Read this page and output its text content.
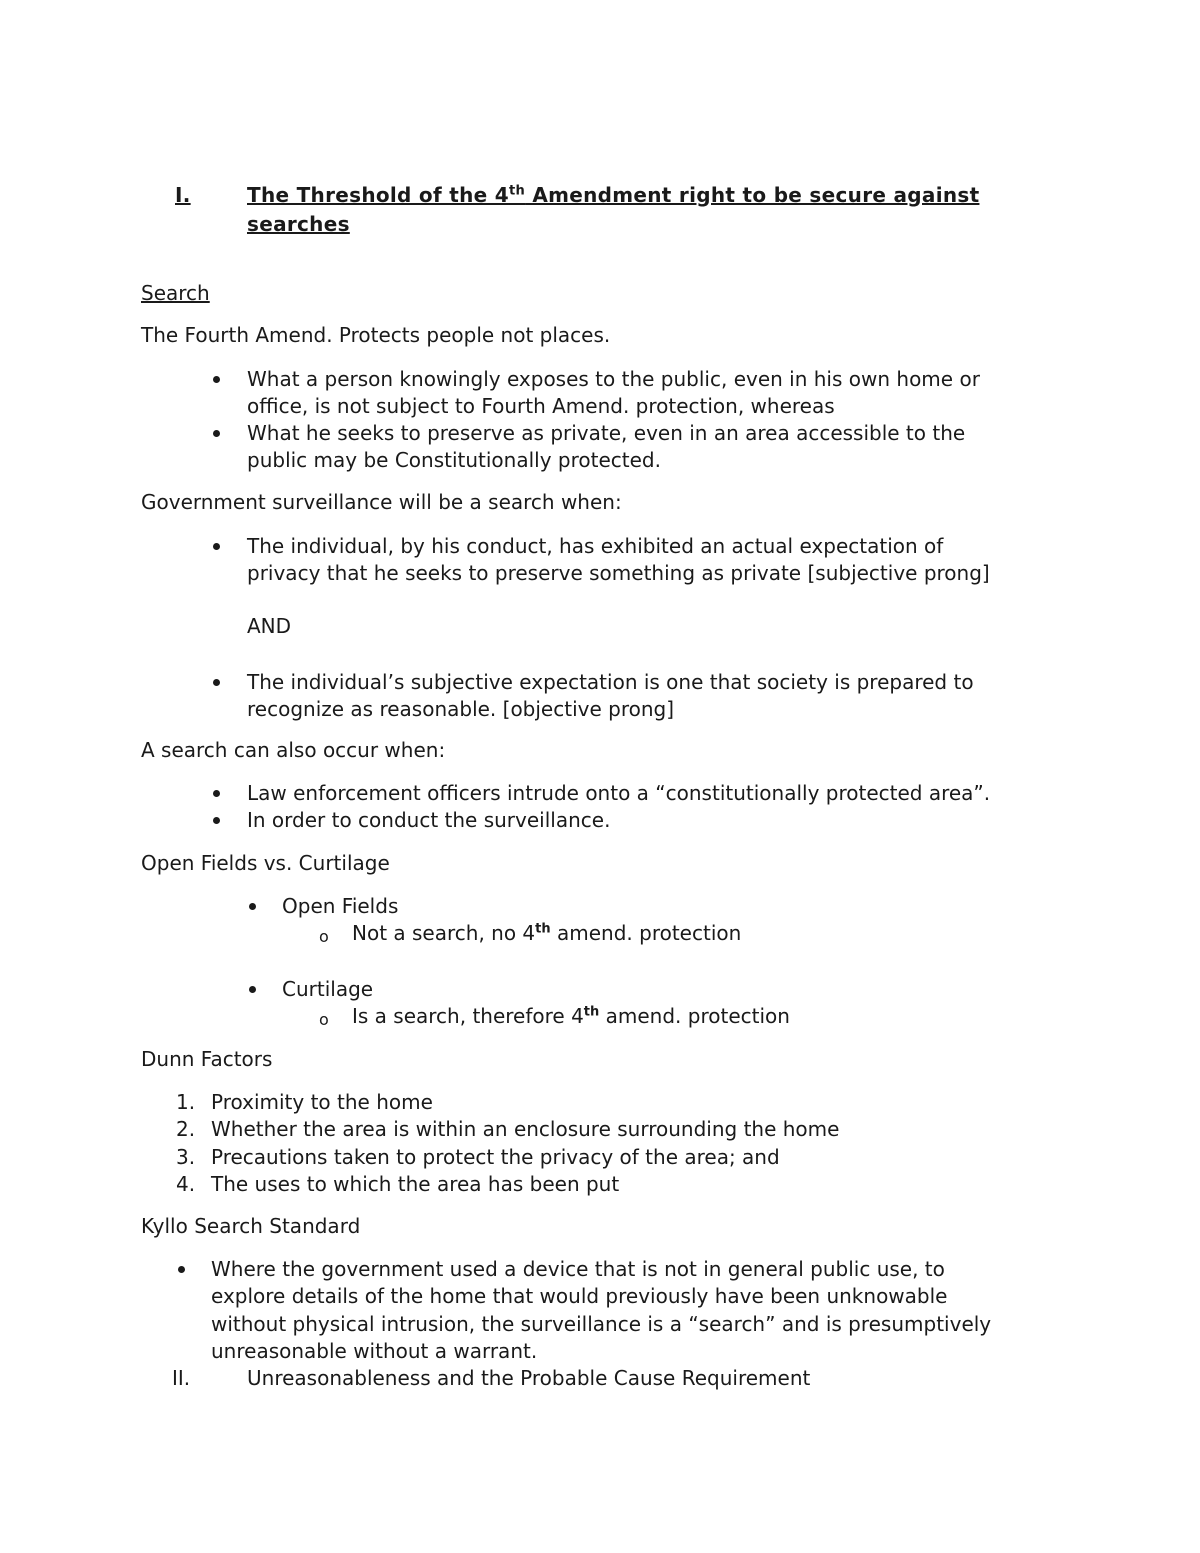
I.	The Threshold of the 4th Amendment right to be secure against
searches
Search
The Fourth Amend. Protects people not places.
What a person knowingly exposes to the public, even in his own home or
office, is not subject to Fourth Amend. protection, whereas
What he seeks to preserve as private, even in an area accessible to the
public may be Constitutionally protected.
Government surveillance will be a search when:
The individual, by his conduct, has exhibited an actual expectation of
privacy that he seeks to preserve something as private [subjective prong]
AND
The individual’s subjective expectation is one that society is prepared to
recognize as reasonable. [objective prong]
A search can also occur when:
Law enforcement officers intrude onto a “constitutionally protected area”.
In order to conduct the surveillance.
Open Fields vs. Curtilage
Open Fields
o Not a search, no 4th amend. protection
Curtilage
o Is a search, therefore 4th amend. protection
Dunn Factors
1. Proximity to the home
2. Whether the area is within an enclosure surrounding the home
3. Precautions taken to protect the privacy of the area; and
4. The uses to which the area has been put
Kyllo Search Standard
Where the government used a device that is not in general public use, to
explore details of the home that would previously have been unknowable
without physical intrusion, the surveillance is a “search” and is presumptively
unreasonable without a warrant.
II.	Unreasonableness and the Probable Cause Requirement
